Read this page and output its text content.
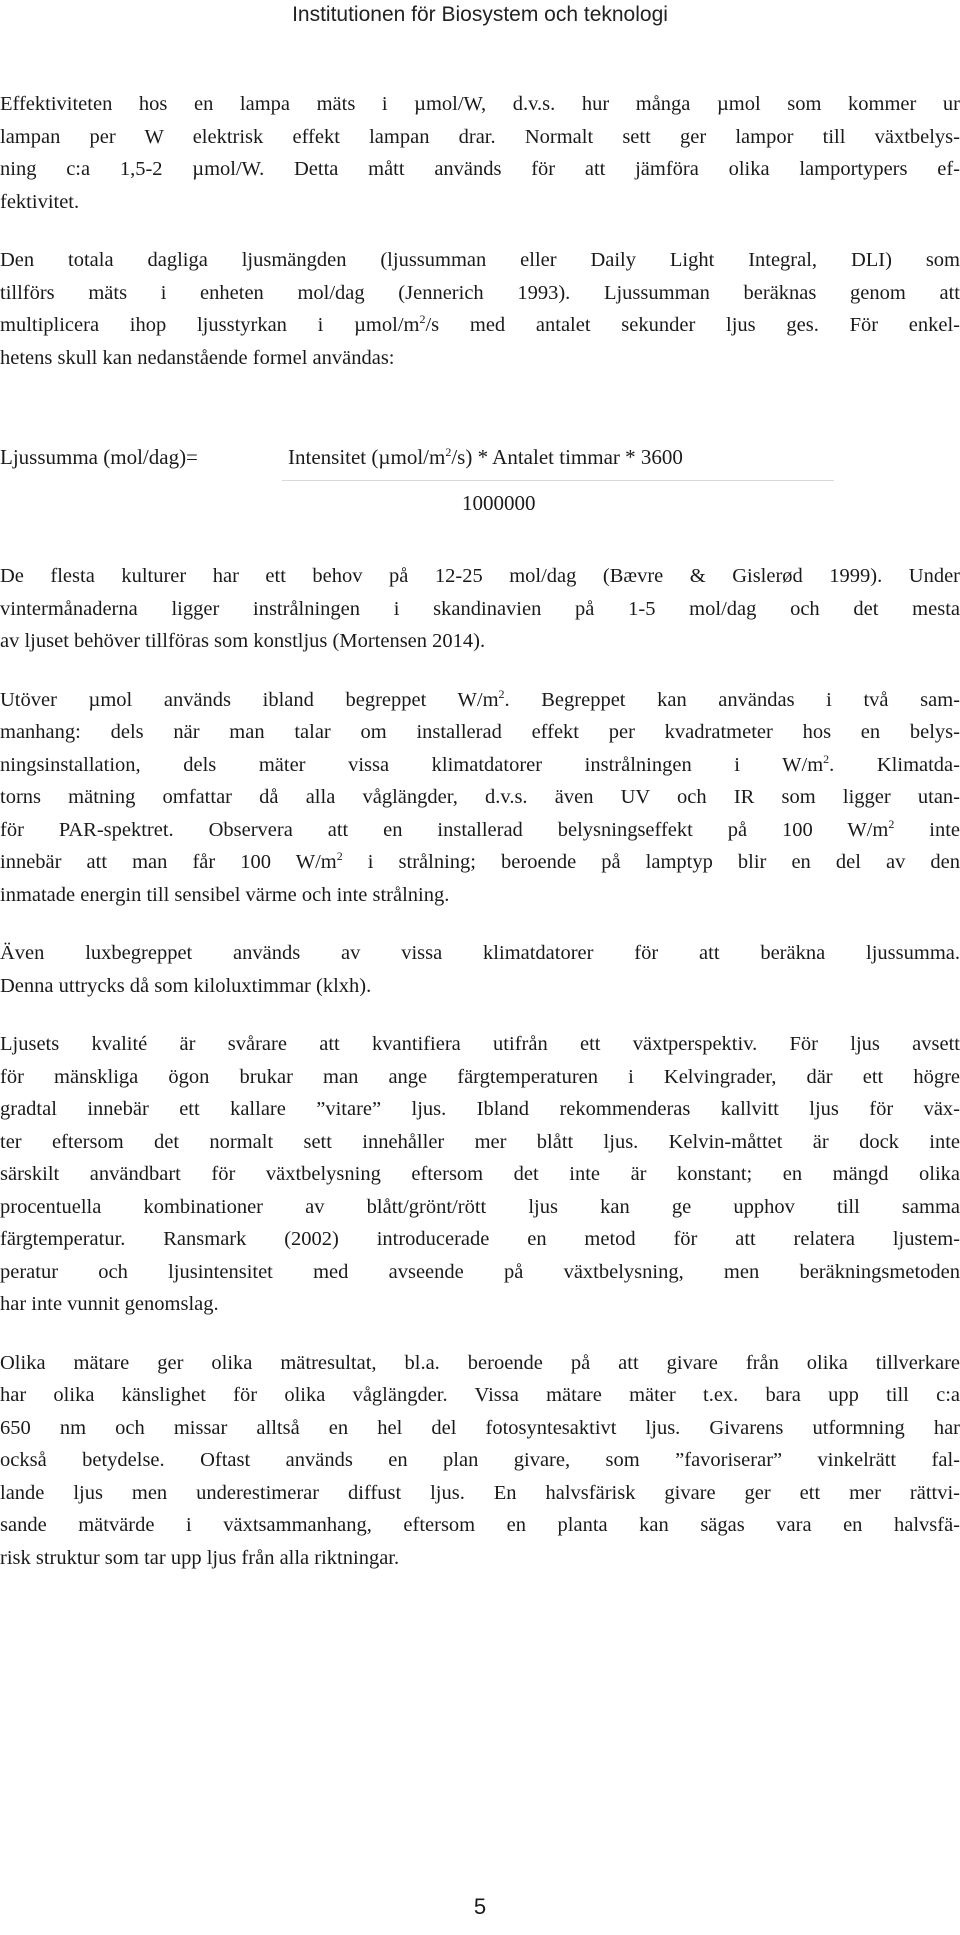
Institutionen för Biosystem och teknologi

Effektiviteten hos en lampa mäts i µmol/W, d.v.s. hur många µmol som kommer ur
lampan per W elektrisk effekt lampan drar. Normalt sett ger lampor till växtbelys-
ning c:a 1,5-2 µmol/W. Detta mått används för att jämföra olika lamportypers ef-
fektivitet.

Den totala dagliga ljusmängden (ljussumman eller Daily Light Integral, DLI) som
tillförs mäts i enheten mol/dag (Jennerich 1993). Ljussumman beräknas genom att
multiplicera ihop ljusstyrkan i µmol/$m^2/s$ med antalet sekunder ljus ges. För enkel-
hetens skull kan nedanstående formel användas:

Ljussumma (mol/dag)=	Intensitet $(\mu mol/m^2/s)$ * Antalet timmar * 3600
1000000

De flesta kulturer har ett behov på 12-25 mol/dag (Bævre & Gislerød 1999). Under
vintermånaderna ligger instrålningen i skandinavien på 1-5 mol/dag och det mesta
av ljuset behöver tillföras som konstljus (Mortensen 2014).

Utöver µmol används ibland begreppet $W/m^2$. Begreppet kan användas i två sam-
manhang: dels när man talar om installerad effekt per kvadratmeter hos en belys-
ningsinstallation, dels mäter vissa klimatdatorer instrålningen i $W/m^2$. Klimatda-
torns mätning omfattar då alla våglängder, d.v.s. även UV och IR som ligger utan-
för PAR-spektret. Observera att en installerad belysningseffekt på 100 $W/m^2$ inte
innebär att man får 100 $W/m^2$ i strålning; beroende på lamptyp blir en del av den
inmatade energin till sensibel värme och inte strålning.

Även luxbegreppet används av vissa klimatdatorer för att beräkna ljussumma.
Denna uttrycks då som kiloluxtimmar (klxh).

Ljusets kvalité är svårare att kvantifiera utifrån ett växtperspektiv. För ljus avsett
för mänskliga ögon brukar man ange färgtemperaturen i Kelvingrader, där ett högre
gradtal innebär ett kallare ”vitare” ljus. Ibland rekommenderas kallvitt ljus för väx-
ter eftersom det normalt sett innehåller mer blått ljus. Kelvin-måttet är dock inte
särskilt användbart för växtbelysning eftersom det inte är konstant; en mängd olika
procentuella kombinationer av blått/grönt/rött ljus kan ge upphov till samma
färgtemperatur. Ransmark (2002) introducerade en metod för att relatera ljustem-
peratur och ljusintensitet med avseende på växtbelysning, men beräkningsmetoden
har inte vunnit genomslag.

Olika mätare ger olika mätresultat, bl.a. beroende på att givare från olika tillverkare
har olika känslighet för olika våglängder. Vissa mätare mäter t.ex. bara upp till c:a
650 nm och missar alltså en hel del fotosyntesaktivt ljus. Givarens utformning har
också betydelse. Oftast används en plan givare, som ”favoriserar” vinkelrätt fal-
lande ljus men underestimerar diffust ljus. En halvsfärisk givare ger ett mer rättvi-
sande mätvärde i växtsammanhang, eftersom en planta kan sägas vara en halvsfä-
risk struktur som tar upp ljus från alla riktningar.

5
